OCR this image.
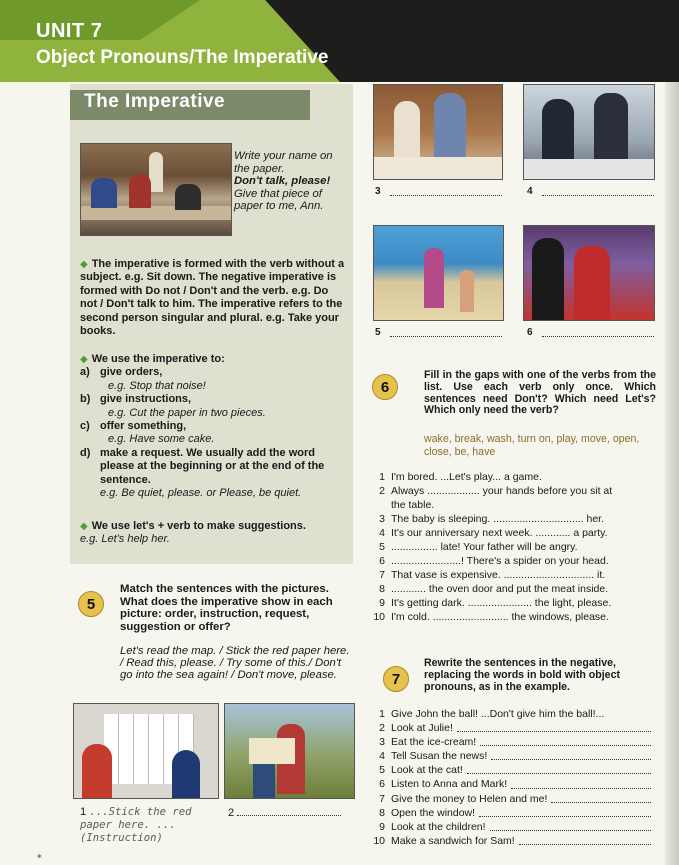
UNIT 7
Object Pronouns/The Imperative
The Imperative
Write your name on the paper.
Don't talk, please!
Give that piece of paper to me, Ann.
◆ The imperative is formed with the verb without a subject. e.g. Sit down. The negative imperative is formed with Do not / Don't and the verb. e.g. Do not / Don't talk to him. The imperative refers to the second person singular and plural. e.g. Take your books.
◆ We use the imperative to:
a) give orders,
e.g. Stop that noise!
b) give instructions,
e.g. Cut the paper in two pieces.
c) offer something,
e.g. Have some cake.
d) make a request. We usually add the word please at the beginning or at the end of the sentence.
e.g. Be quiet, please. or Please, be quiet.
◆ We use let's + verb to make suggestions.
e.g. Let's help her.
5
Match the sentences with the pictures. What does the imperative show in each picture: order, instruction, request, suggestion or offer?
Let's read the map. / Stick the red paper here. / Read this, please. / Try some of this./ Don't go into the sea again! / Don't move, please.
1 ...Stick the red paper here. ...
(Instruction)
2
3	4
5	6
6
Fill in the gaps with one of the verbs from the list. Use each verb only once. Which sentences need Don't? Which need Let's? Which only need the verb?
wake, break, wash, turn on, play, move, open, close, be, have
1 I'm bored. ...Let's play... a game.
2 Always .................. your hands before you sit at
the table.
3 The baby is sleeping. ............................... her.
4 It's our anniversary next week. ............ a party.
5 ................ late! Your father will be angry.
6 ........................! There's a spider on your head.
7 That vase is expensive. ............................... it.
8 ............ the oven door and put the meat inside.
9 It's getting dark. ...................... the light, please.
10 I'm cold. .......................... the windows, please.
7
Rewrite the sentences in the negative, replacing the words in bold with object pronouns, as in the example.
1 Give John the ball! ...Don't give him the ball!...
2 Look at Julie!
3 Eat the ice-cream!
4 Tell Susan the news!
5 Look at the cat!
6 Listen to Anna and Mark!
7 Give the money to Helen and me!
8 Open the window!
9 Look at the children!
10 Make a sandwich for Sam!
✶
